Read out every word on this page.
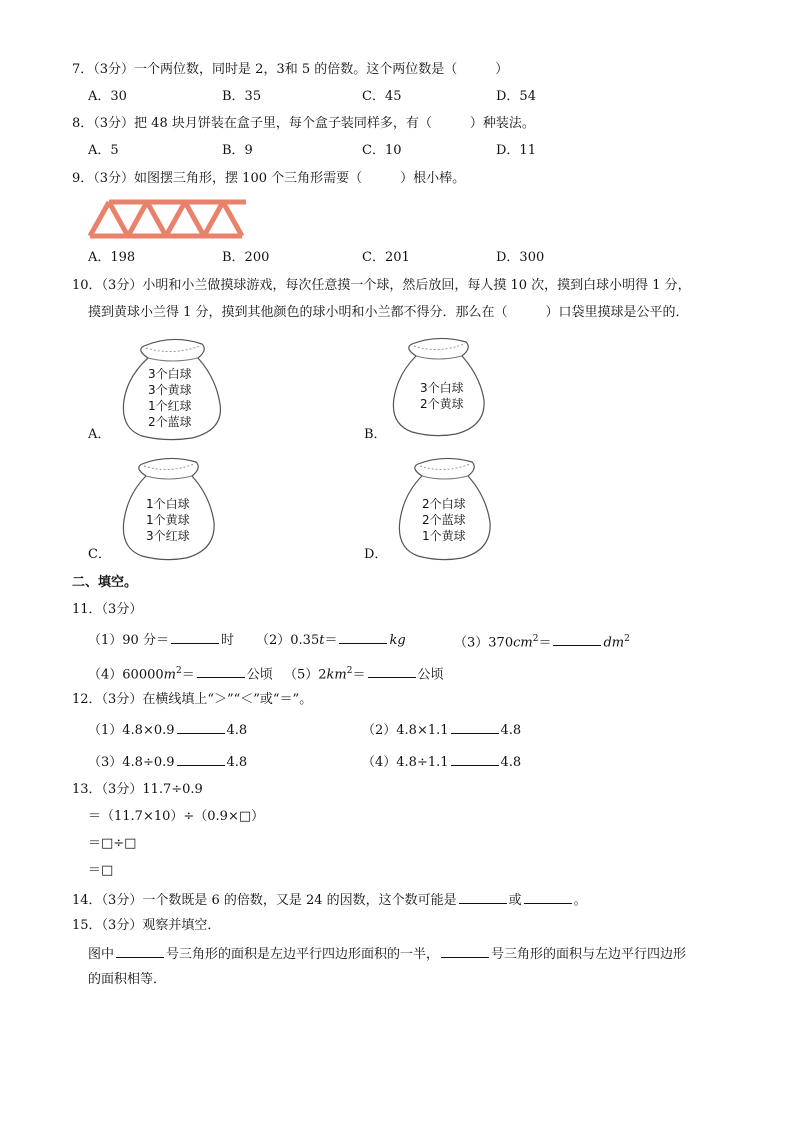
7．（3分）一个两位数，同时是 2，3和 5 的倍数。这个两位数是（	）
A．30	B．35	C．45	D．54
8．（3分）把 48 块月饼装在盒子里，每个盒子装同样多，有（	）种装法。
A．5	B．9	C．10	D．11
9．（3分）如图摆三角形，摆 100 个三角形需要（	）根小棒。
A．198	B．200	C．201	D．300
10．（3分）小明和小兰做摸球游戏，每次任意摸一个球，然后放回，每人摸 10 次，摸到白球小明得 1 分，
摸到黄球小兰得 1 分，摸到其他颜色的球小明和小兰都不得分．那么在（	）口袋里摸球是公平的．
A．
3个白球
3个黄球
1个红球
2个蓝球
B．
3个白球
2个黄球
C．
1个白球
1个黄球
3个红球
D．
2个白球
2个蓝球
1个黄球
二、填空。
11．（3分）
（1）90 分＝	时 （2）0.35t＝	kg	$(3)370cm^2=$	$dm^2$
$(4)60000m^2=$	公顷 $(5)2km^2=$	公顷
12．（3分）在横线填上“＞”“＜”或“＝”。
（1）4.8×0.9	4.8	（2）4.8×1.1	4.8
（3）4.8÷0.9	4.8	（4）4.8÷1.1	4.8
13．（3分）11.7÷0.9
＝（11.7×10）÷（0.9×□）
＝□÷□
＝□
14．（3分）一个数既是 6 的倍数，又是 24 的因数，这个数可能是	或	。
15．（3分）观察并填空．
图中	号三角形的面积是左边平行四边形面积的一半，	号三角形的面积与左边平行四边形
的面积相等．
